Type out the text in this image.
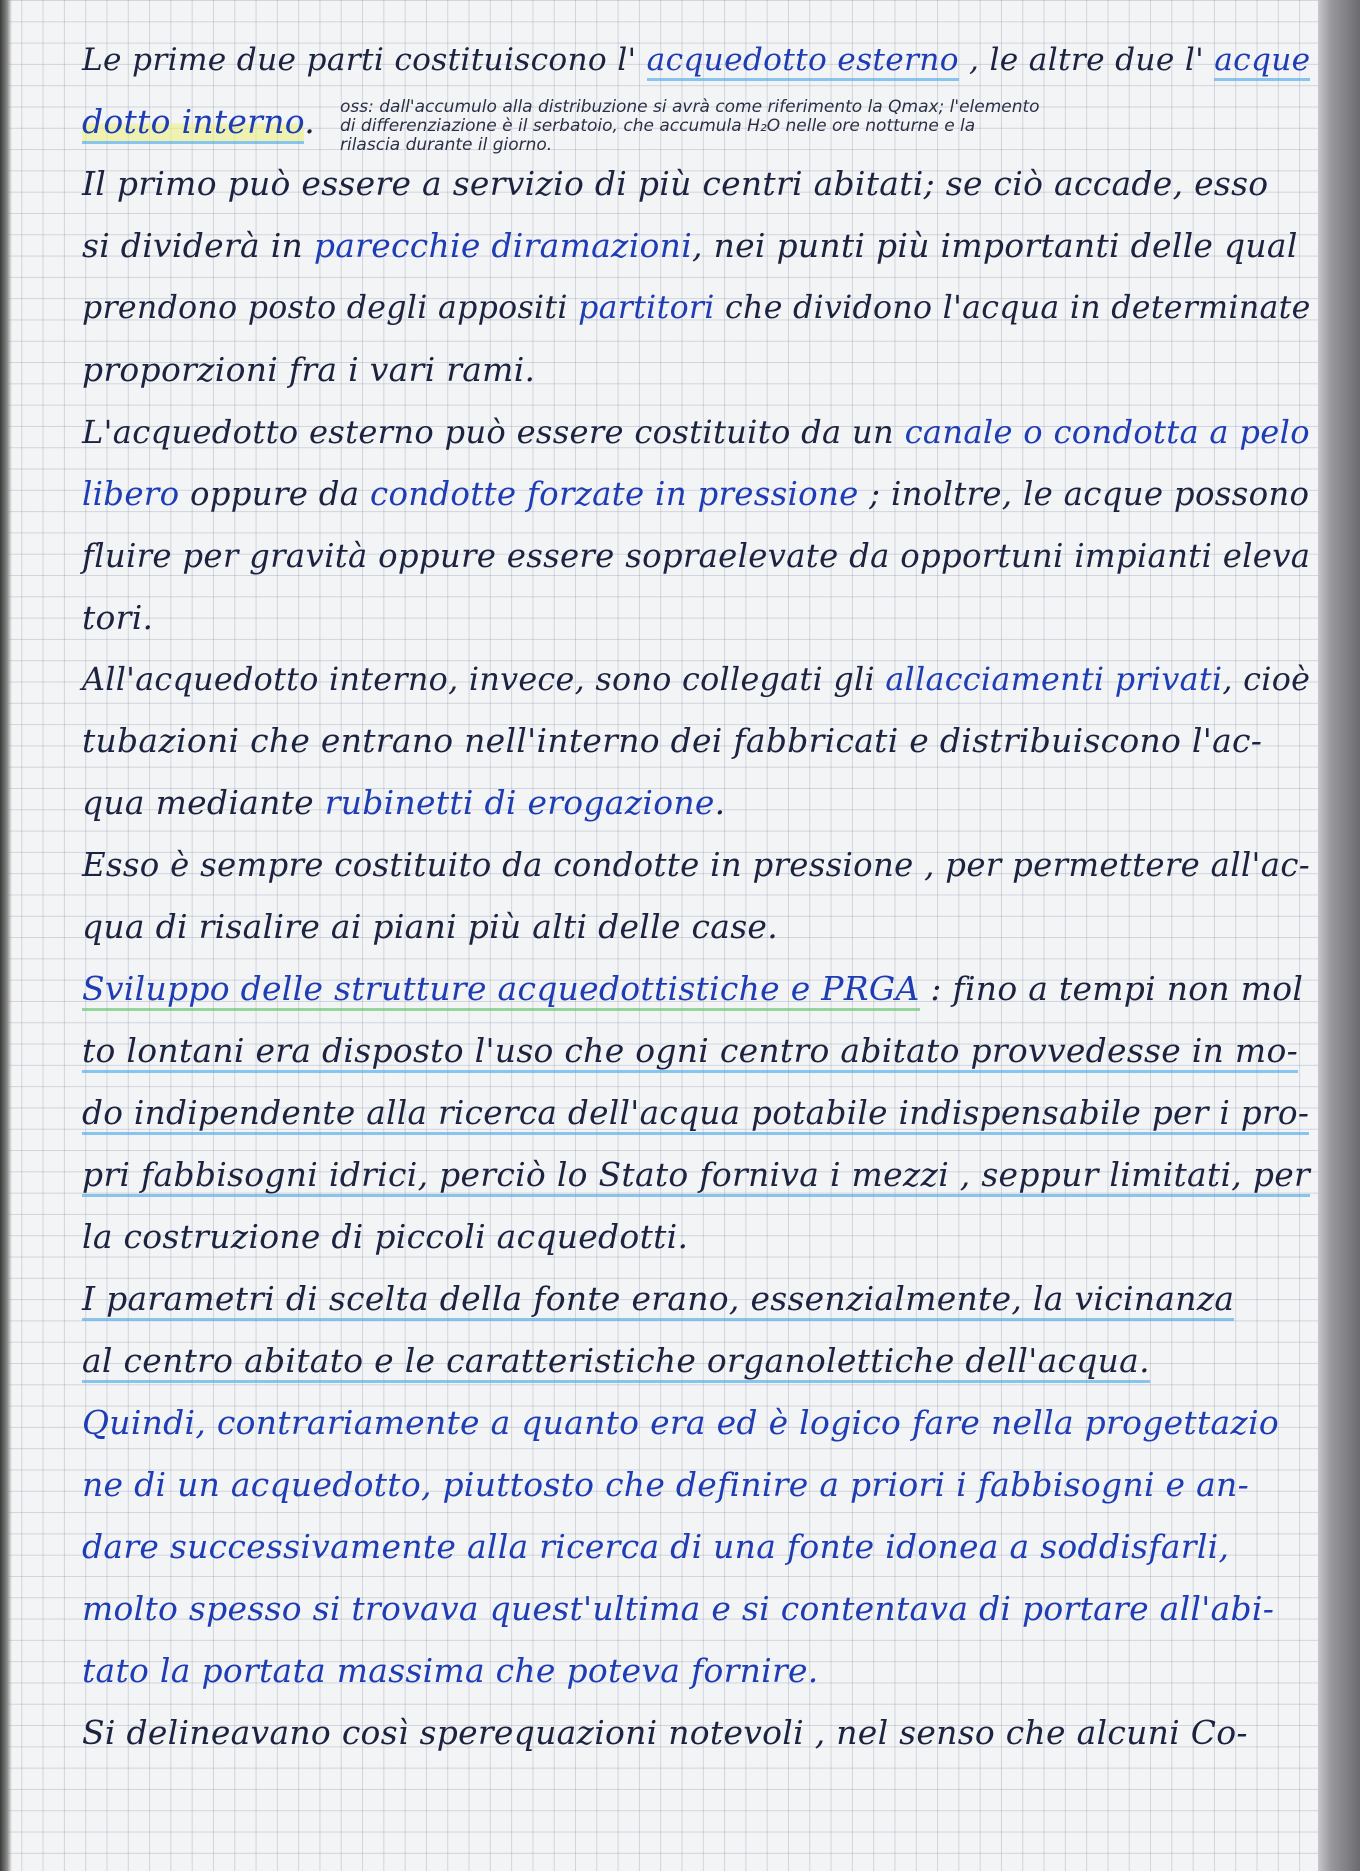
Le prime due parti costituiscono l' acquedotto esterno , le altre due l' acque
dotto interno.
Il primo può essere a servizio di più centri abitati; se ciò accade, esso
si dividerà in parecchie diramazioni, nei punti più importanti delle qual
prendono posto degli appositi partitori che dividono l'acqua in determinate
proporzioni fra i vari rami.
L'acquedotto esterno può essere costituito da un canale o condotta a pelo
libero oppure da condotte forzate in pressione ; inoltre, le acque possono
fluire per gravità oppure essere sopraelevate da opportuni impianti eleva
tori.
All'acquedotto interno, invece, sono collegati gli allacciamenti privati, cioè
tubazioni che entrano nell'interno dei fabbricati e distribuiscono l'ac-
qua mediante rubinetti di erogazione.
Esso è sempre costituito da condotte in pressione , per permettere all'ac-
qua di risalire ai piani più alti delle case.
Sviluppo delle strutture acquedottistiche e PRGA : fino a tempi non mol
to lontani era disposto l'uso che ogni centro abitato provvedesse in mo-
do indipendente alla ricerca dell'acqua potabile indispensabile per i pro-
pri fabbisogni idrici, perciò lo Stato forniva i mezzi , seppur limitati, per
la costruzione di piccoli acquedotti.
I parametri di scelta della fonte erano, essenzialmente, la vicinanza
al centro abitato e le caratteristiche organolettiche dell'acqua.
Quindi, contrariamente a quanto era ed è logico fare nella progettazio
ne di un acquedotto, piuttosto che definire a priori i fabbisogni e an-
dare successivamente alla ricerca di una fonte idonea a soddisfarli,
molto spesso si trovava quest'ultima e si contentava di portare all'abi-
tato la portata massima che poteva fornire.
Si delineavano così sperequazioni notevoli , nel senso che alcuni Co-
oss: dall'accumulo alla distribuzione si avrà come riferimento la Qmax; l'elemento
di differenziazione è il serbatoio, che accumula H₂O nelle ore notturne e la
rilascia durante il giorno.
